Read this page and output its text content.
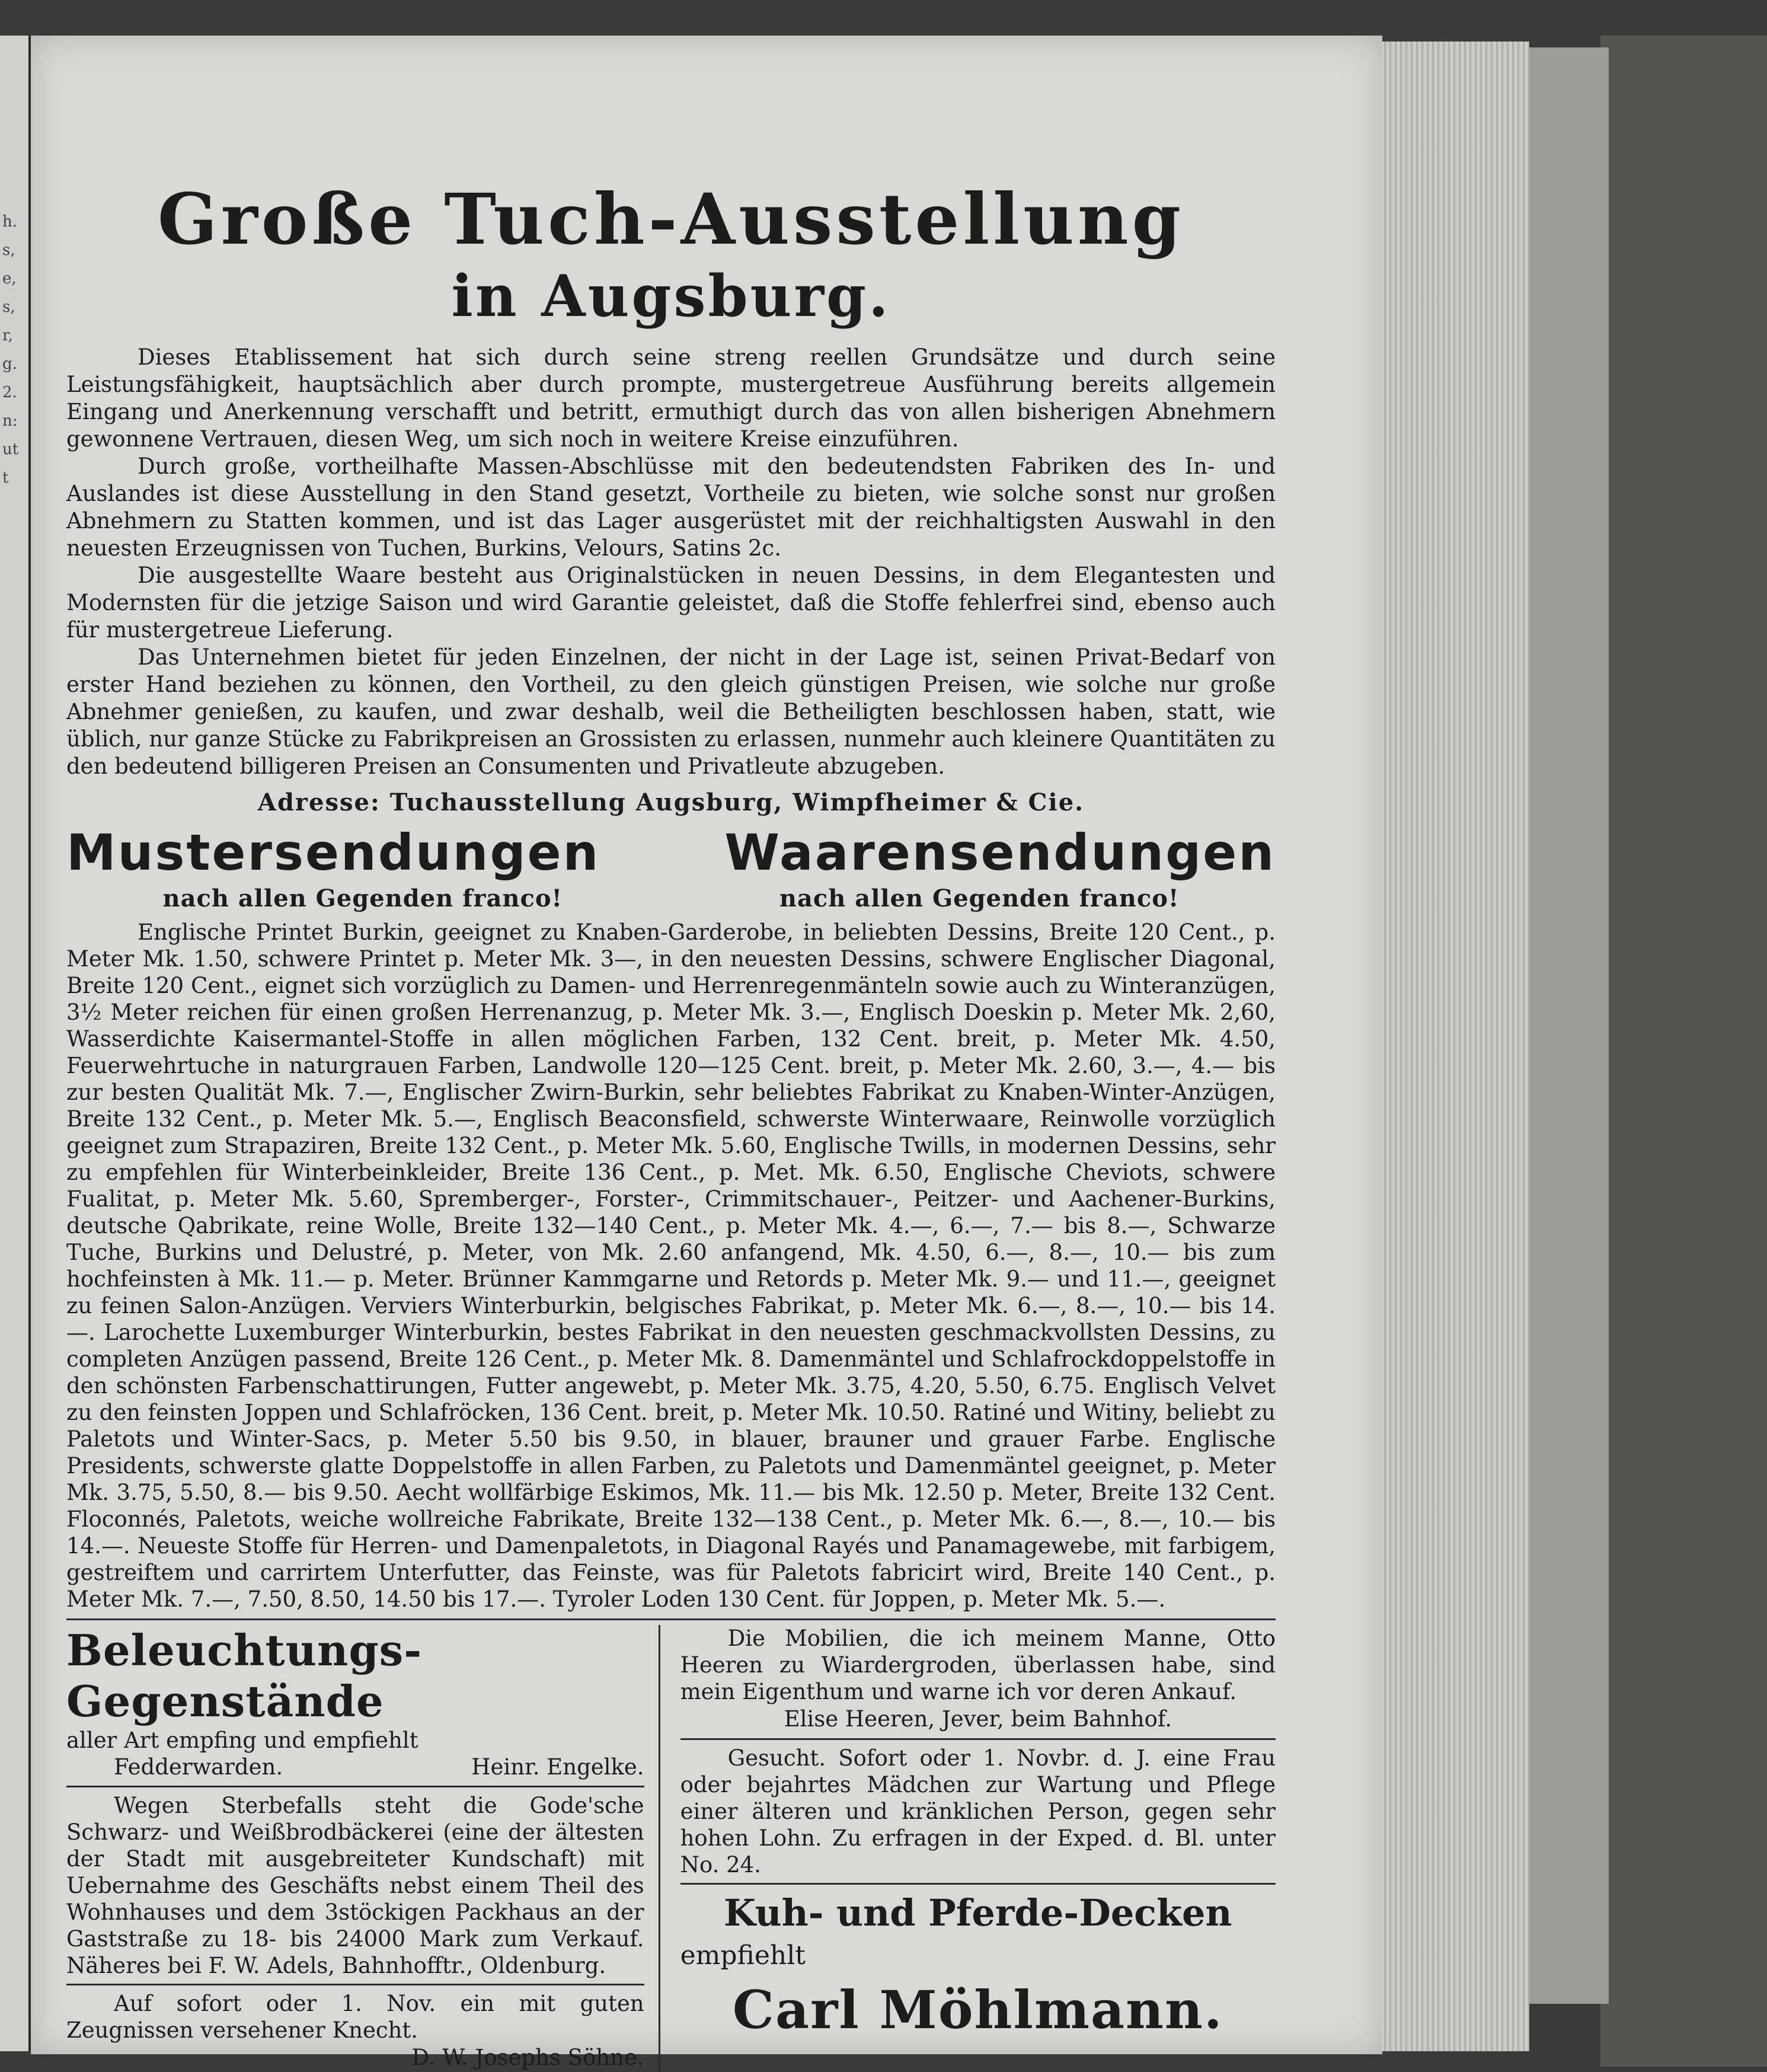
h.
s,
e,
s,
r,
g.
2.
n:
ut
t
Große Tuch-Ausstellung
in Augsburg.

Dieses Etablissement hat sich durch seine streng reellen Grundsätze und durch seine Leistungsfähigkeit, hauptsächlich aber durch prompte, mustergetreue Ausführung bereits allgemein Eingang und Anerkennung verschafft und betritt, ermuthigt durch das von allen bisherigen Abnehmern gewonnene Vertrauen, diesen Weg, um sich noch in weitere Kreise einzuführen.

Durch große, vortheilhafte Massen-Abschlüsse mit den bedeutendsten Fabriken des In- und Auslandes ist diese Ausstellung in den Stand gesetzt, Vortheile zu bieten, wie solche sonst nur großen Abnehmern zu Statten kommen, und ist das Lager ausgerüstet mit der reichhaltigsten Auswahl in den neuesten Erzeugnissen von Tuchen, Burkins, Velours, Satins 2c.

Die ausgestellte Waare besteht aus Originalstücken in neuen Dessins, in dem Elegantesten und Modernsten für die jetzige Saison und wird Garantie geleistet, daß die Stoffe fehlerfrei sind, ebenso auch für mustergetreue Lieferung.

Das Unternehmen bietet für jeden Einzelnen, der nicht in der Lage ist, seinen Privat-Bedarf von erster Hand beziehen zu können, den Vortheil, zu den gleich günstigen Preisen, wie solche nur große Abnehmer genießen, zu kaufen, und zwar deshalb, weil die Betheiligten beschlossen haben, statt, wie üblich, nur ganze Stücke zu Fabrikpreisen an Grossisten zu erlassen, nunmehr auch kleinere Quantitäten zu den bedeutend billigeren Preisen an Consumenten und Privatleute abzugeben.

Adresse: Tuchausstellung Augsburg, Wimpfheimer & Cie.

Mustersendungen

nach allen Gegenden franco!

Waarensendungen

nach allen Gegenden franco!

Englische Printet Burkin, geeignet zu Knaben-Garderobe, in beliebten Dessins, Breite 120 Cent., p. Meter Mk. 1.50, schwere Printet p. Meter Mk. 3—, in den neuesten Dessins, schwere Englischer Diagonal, Breite 120 Cent., eignet sich vorzüglich zu Damen- und Herrenregenmänteln sowie auch zu Winteranzügen, 3½ Meter reichen für einen großen Herrenanzug, p. Meter Mk. 3.—, Englisch Doeskin p. Meter Mk. 2,60, Wasserdichte Kaisermantel-Stoffe in allen möglichen Farben, 132 Cent. breit, p. Meter Mk. 4.50, Feuerwehrtuche in naturgrauen Farben, Landwolle 120—125 Cent. breit, p. Meter Mk. 2.60, 3.—, 4.— bis zur besten Qualität Mk. 7.—, Englischer Zwirn-Burkin, sehr beliebtes Fabrikat zu Knaben-Winter-Anzügen, Breite 132 Cent., p. Meter Mk. 5.—, Englisch Beaconsfield, schwerste Winterwaare, Reinwolle vorzüglich geeignet zum Strapaziren, Breite 132 Cent., p. Meter Mk. 5.60, Englische Twills, in modernen Dessins, sehr zu empfehlen für Winterbeinkleider, Breite 136 Cent., p. Met. Mk. 6.50, Englische Cheviots, schwere Fualitat, p. Meter Mk. 5.60, Spremberger-, Forster-, Crimmitschauer-, Peitzer- und Aachener-Burkins, deutsche Qabrikate, reine Wolle, Breite 132—140 Cent., p. Meter Mk. 4.—, 6.—, 7.— bis 8.—, Schwarze Tuche, Burkins und Delustré, p. Meter, von Mk. 2.60 anfangend, Mk. 4.50, 6.—, 8.—, 10.— bis zum hochfeinsten à Mk. 11.— p. Meter. Brünner Kammgarne und Retords p. Meter Mk. 9.— und 11.—, geeignet zu feinen Salon-Anzügen. Verviers Winterburkin, belgisches Fabrikat, p. Meter Mk. 6.—, 8.—, 10.— bis 14.—. Larochette Luxemburger Winterburkin, bestes Fabrikat in den neuesten geschmackvollsten Dessins, zu completen Anzügen passend, Breite 126 Cent., p. Meter Mk. 8. Damenmäntel und Schlafrockdoppelstoffe in den schönsten Farbenschattirungen, Futter angewebt, p. Meter Mk. 3.75, 4.20, 5.50, 6.75. Englisch Velvet zu den feinsten Joppen und Schlafröcken, 136 Cent. breit, p. Meter Mk. 10.50. Ratiné und Witiny, beliebt zu Paletots und Winter-Sacs, p. Meter 5.50 bis 9.50, in blauer, brauner und grauer Farbe. Englische Presidents, schwerste glatte Doppelstoffe in allen Farben, zu Paletots und Damenmäntel geeignet, p. Meter Mk. 3.75, 5.50, 8.— bis 9.50. Aecht wollfärbige Eskimos, Mk. 11.— bis Mk. 12.50 p. Meter, Breite 132 Cent. Floconnés, Paletots, weiche wollreiche Fabrikate, Breite 132—138 Cent., p. Meter Mk. 6.—, 8.—, 10.— bis 14.—. Neueste Stoffe für Herren- und Damenpaletots, in Diagonal Rayés und Panamagewebe, mit farbigem, gestreiftem und carrirtem Unterfutter, das Feinste, was für Paletots fabricirt wird, Breite 140 Cent., p. Meter Mk. 7.—, 7.50, 8.50, 14.50 bis 17.—. Tyroler Loden 130 Cent. für Joppen, p. Meter Mk. 5.—.

Beleuchtungs-Gegenstände

aller Art empfing und empfiehlt

Fedderwarden.	Heinr. Engelke.

Wegen Sterbefalls steht die Gode'sche Schwarz- und Weißbrodbäckerei (eine der ältesten der Stadt mit ausgebreiteter Kundschaft) mit Uebernahme des Geschäfts nebst einem Theil des Wohnhauses und dem 3stöckigen Packhaus an der Gaststraße zu 18- bis 24000 Mark zum Verkauf. Näheres bei F. W. Adels, Bahnhofftr., Oldenburg.

Auf sofort oder 1. Nov. ein mit guten Zeugnissen versehener Knecht.

D. W. Josephs Söhne.

Die Mobilien, die ich meinem Manne, Otto Heeren zu Wiardergroden, überlassen habe, sind mein Eigenthum und warne ich vor deren Ankauf.

Elise Heeren, Jever, beim Bahnhof.

Gesucht. Sofort oder 1. Novbr. d. J. eine Frau oder bejahrtes Mädchen zur Wartung und Pflege einer älteren und kränklichen Person, gegen sehr hohen Lohn. Zu erfragen in der Exped. d. Bl. unter No. 24.

Kuh- und Pferde-Decken

empfiehlt

Carl Möhlmann.
